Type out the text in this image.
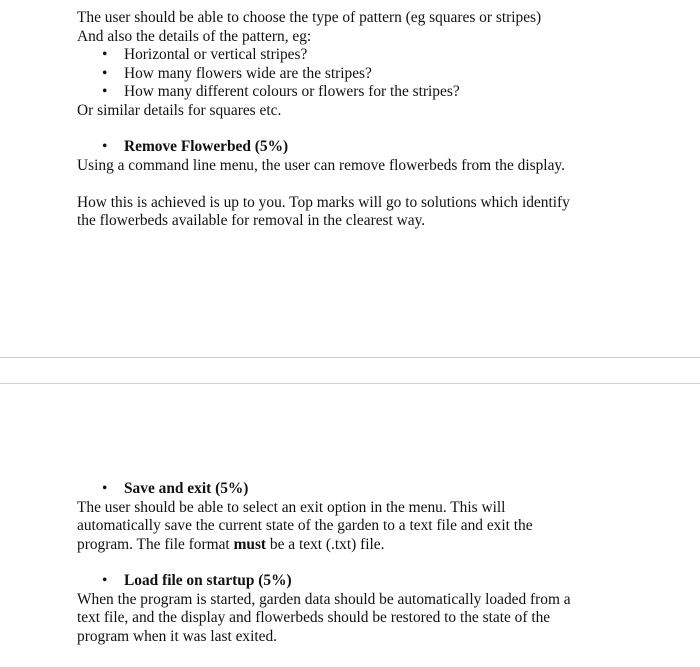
The user should be able to choose the type of pattern (eg squares or stripes)
And also the details of the pattern, eg:
• Horizontal or vertical stripes?
• How many flowers wide are the stripes?
• How many different colours or flowers for the stripes?
Or similar details for squares etc.
• Remove Flowerbed (5%)
Using a command line menu, the user can remove flowerbeds from the display.
How this is achieved is up to you. Top marks will go to solutions which identify
the flowerbeds available for removal in the clearest way.
• Save and exit (5%)
The user should be able to select an exit option in the menu. This will
automatically save the current state of the garden to a text file and exit the
program. The file format must be a text (.txt) file.
• Load file on startup (5%)
When the program is started, garden data should be automatically loaded from a
text file, and the display and flowerbeds should be restored to the state of the
program when it was last exited.
